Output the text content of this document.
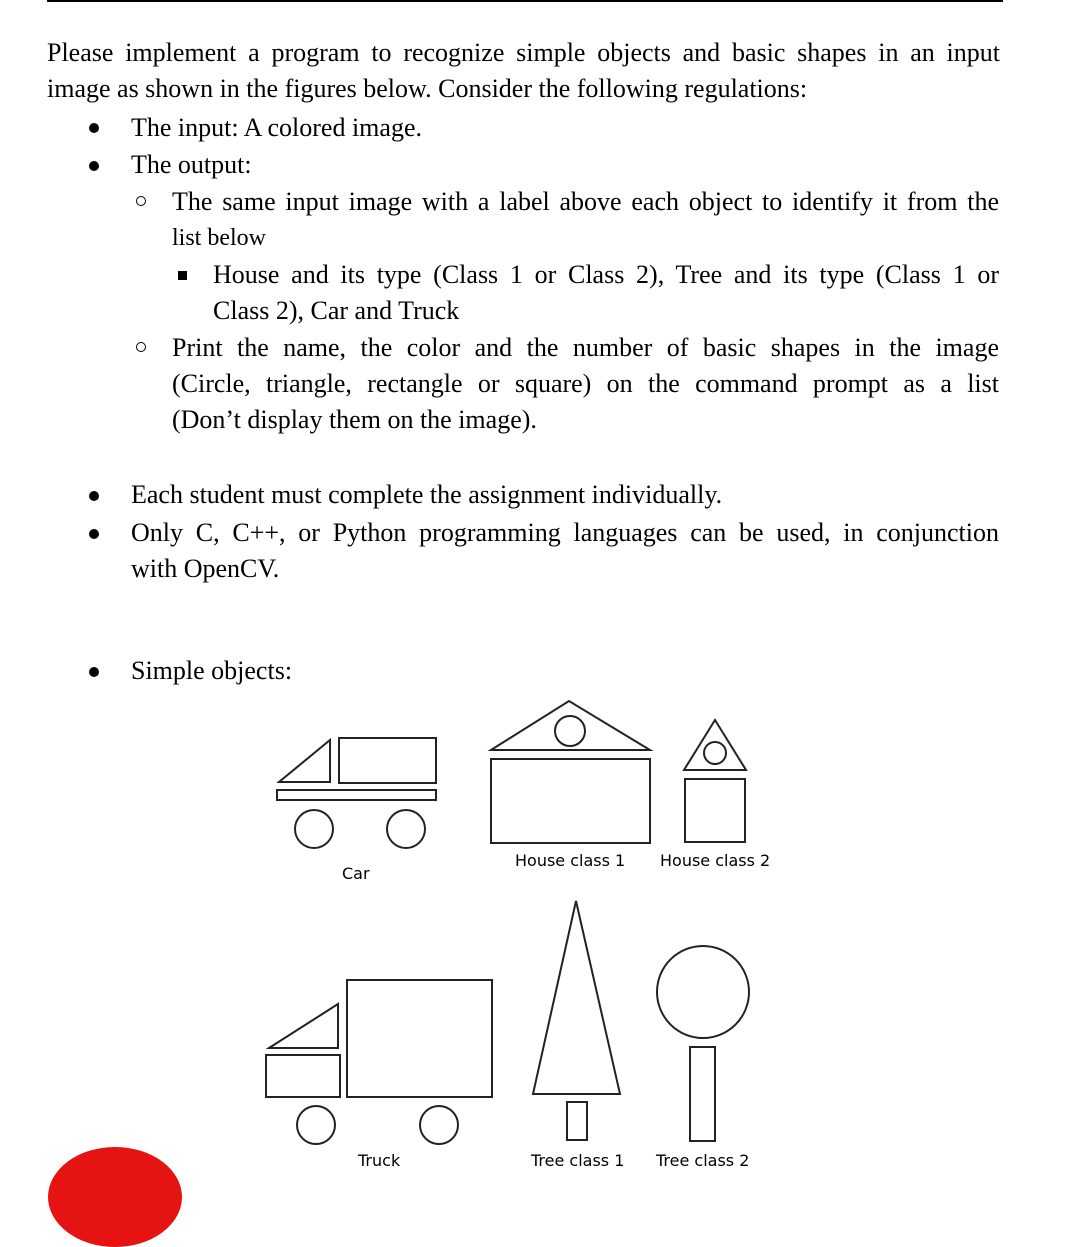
Please implement a program to recognize simple objects and basic shapes in an input
image as shown in the figures below. Consider the following regulations:
The input: A colored image.
The output:
The same input image with a label above each object to identify it from the
list below
House and its type (Class 1 or Class 2), Tree and its type (Class 1 or
Class 2), Car and Truck
Print the name, the color and the number of basic shapes in the image
(Circle, triangle, rectangle or square) on the command prompt as a list
(Don’t display them on the image).
Each student must complete the assignment individually.
Only C, C++, or Python programming languages can be used, in conjunction
with OpenCV.
Simple objects:
Car
House class 1 House class 2
Truck	Tree class 1 Tree class 2
